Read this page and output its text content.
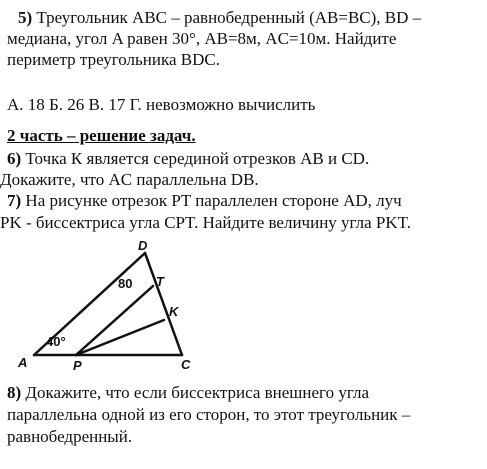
5) Треугольник ABC – равнобедренный (AB=BC), BD –
медиана, угол A равен 30°, AB=8м, AC=10м. Найдите
периметр треугольника BDC.
А. 18 Б. 26 В. 17 Г. невозможно вычислить
2 часть – решение задач.
6) Точка К является серединой отрезков AB и CD.
Докажите, что AC параллельна DB.
7) На рисунке отрезок PT параллелен стороне AD, луч
PK - биссектриса угла CPT. Найдите величину угла PKT.
D
T
K
A	P	C
80
40°
8) Докажите, что если биссектриса внешнего угла
параллельна одной из его сторон, то этот треугольник –
равнобедренный.
